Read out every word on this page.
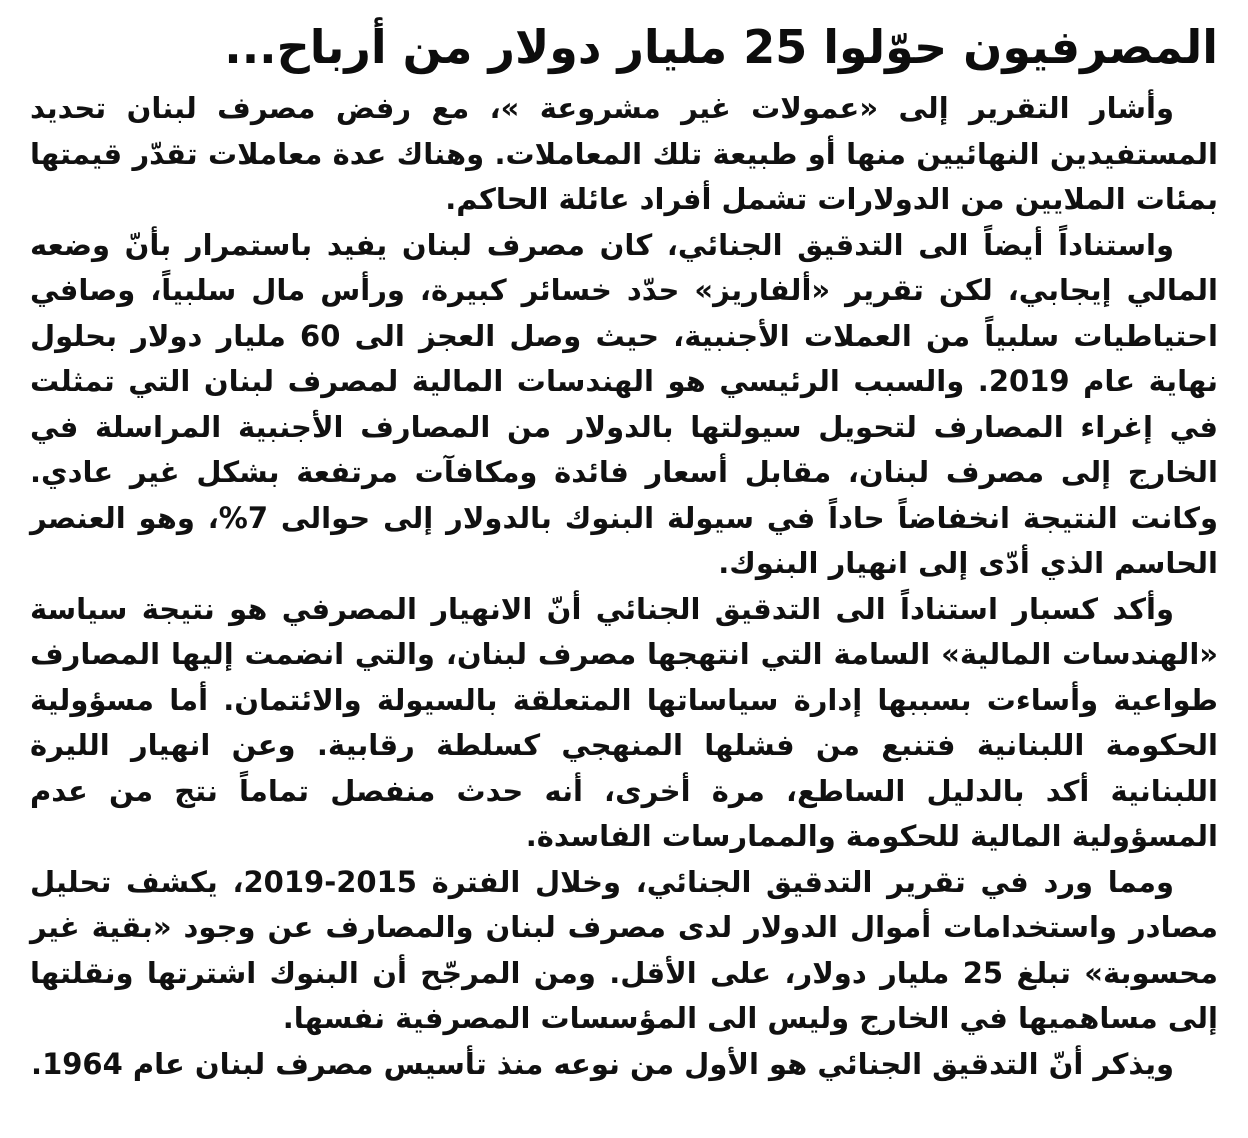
المصرفيون حوّلوا 25 مليار دولار من أرباح...

وأشار التقرير إلى «عمولات غير مشروعة »، مع رفض مصرف لبنان تحديد المستفيدين النهائيين منها أو طبيعة تلك المعاملات. وهناك عدة معاملات تقدّر قيمتها بمئات الملايين من الدولارات تشمل أفراد عائلة الحاكم.

واستناداً أيضاً الى التدقيق الجنائي، كان مصرف لبنان يفيد باستمرار بأنّ وضعه المالي إيجابي، لكن تقرير «ألفاريز» حدّد خسائر كبيرة، ورأس مال سلبياً، وصافي احتياطيات سلبياً من العملات الأجنبية، حيث وصل العجز الى 60 مليار دولار بحلول نهاية عام 2019. والسبب الرئيسي هو الهندسات المالية لمصرف لبنان التي تمثلت في إغراء المصارف لتحويل سيولتها بالدولار من المصارف الأجنبية المراسلة في الخارج إلى مصرف لبنان، مقابل أسعار فائدة ومكافآت مرتفعة بشكل غير عادي. وكانت النتيجة انخفاضاً حاداً في سيولة البنوك بالدولار إلى حوالى 7%، وهو العنصر الحاسم الذي أدّى إلى انهيار البنوك.

وأكد كسبار استناداً الى التدقيق الجنائي أنّ الانهيار المصرفي هو نتيجة سياسة «الهندسات المالية» السامة التي انتهجها مصرف لبنان، والتي انضمت إليها المصارف طواعية وأساءت بسببها إدارة سياساتها المتعلقة بالسيولة والائتمان. أما مسؤولية الحكومة اللبنانية فتنبع من فشلها المنهجي كسلطة رقابية. وعن انهيار الليرة اللبنانية أكد بالدليل الساطع، مرة أخرى، أنه حدث منفصل تماماً نتج من عدم المسؤولية المالية للحكومة والممارسات الفاسدة.

ومما ورد في تقرير التدقيق الجنائي، وخلال الفترة 2015-2019، يكشف تحليل مصادر واستخدامات أموال الدولار لدى مصرف لبنان والمصارف عن وجود «بقية غير محسوبة» تبلغ 25 مليار دولار، على الأقل. ومن المرجّح أن البنوك اشترتها ونقلتها إلى مساهميها في الخارج وليس الى المؤسسات المصرفية نفسها.

ويذكر أنّ التدقيق الجنائي هو الأول من نوعه منذ تأسيس مصرف لبنان عام 1964.
